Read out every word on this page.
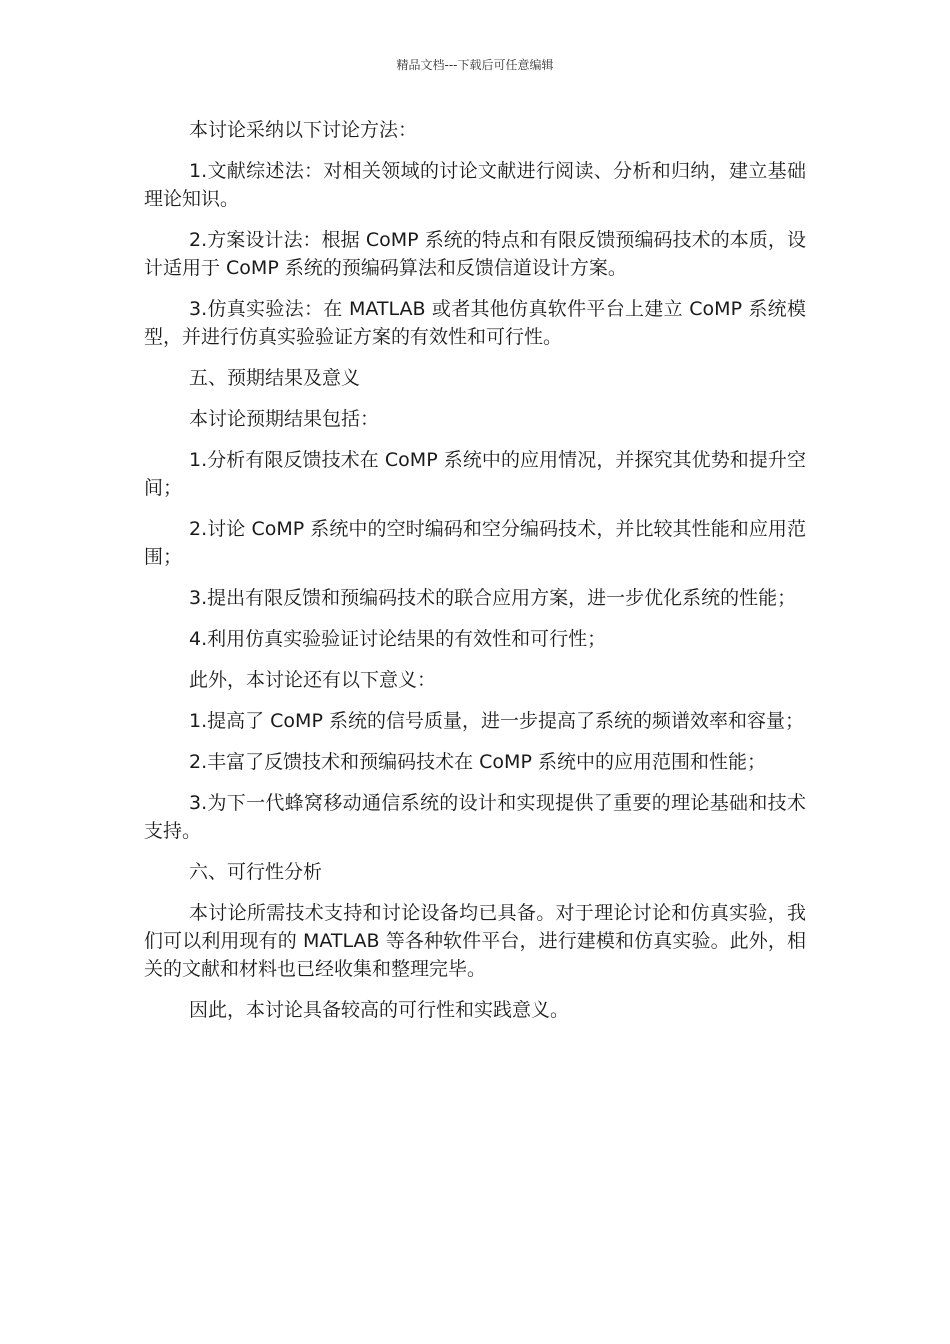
精品文档---下载后可任意编辑

本讨论采纳以下讨论方法：

1.文献综述法：对相关领域的讨论文献进行阅读、分析和归纳，建立基础理论知识。

2.方案设计法：根据 CoMP 系统的特点和有限反馈预编码技术的本质，设计适用于 CoMP 系统的预编码算法和反馈信道设计方案。

3.仿真实验法：在 MATLAB 或者其他仿真软件平台上建立 CoMP 系统模型，并进行仿真实验验证方案的有效性和可行性。

五、预期结果及意义

本讨论预期结果包括：

1.分析有限反馈技术在 CoMP 系统中的应用情况，并探究其优势和提升空间；

2.讨论 CoMP 系统中的空时编码和空分编码技术，并比较其性能和应用范围；

3.提出有限反馈和预编码技术的联合应用方案，进一步优化系统的性能；

4.利用仿真实验验证讨论结果的有效性和可行性；

此外，本讨论还有以下意义：

1.提高了 CoMP 系统的信号质量，进一步提高了系统的频谱效率和容量；

2.丰富了反馈技术和预编码技术在 CoMP 系统中的应用范围和性能；

3.为下一代蜂窝移动通信系统的设计和实现提供了重要的理论基础和技术支持。

六、可行性分析

本讨论所需技术支持和讨论设备均已具备。对于理论讨论和仿真实验，我们可以利用现有的 MATLAB 等各种软件平台，进行建模和仿真实验。此外，相关的文献和材料也已经收集和整理完毕。

因此，本讨论具备较高的可行性和实践意义。
